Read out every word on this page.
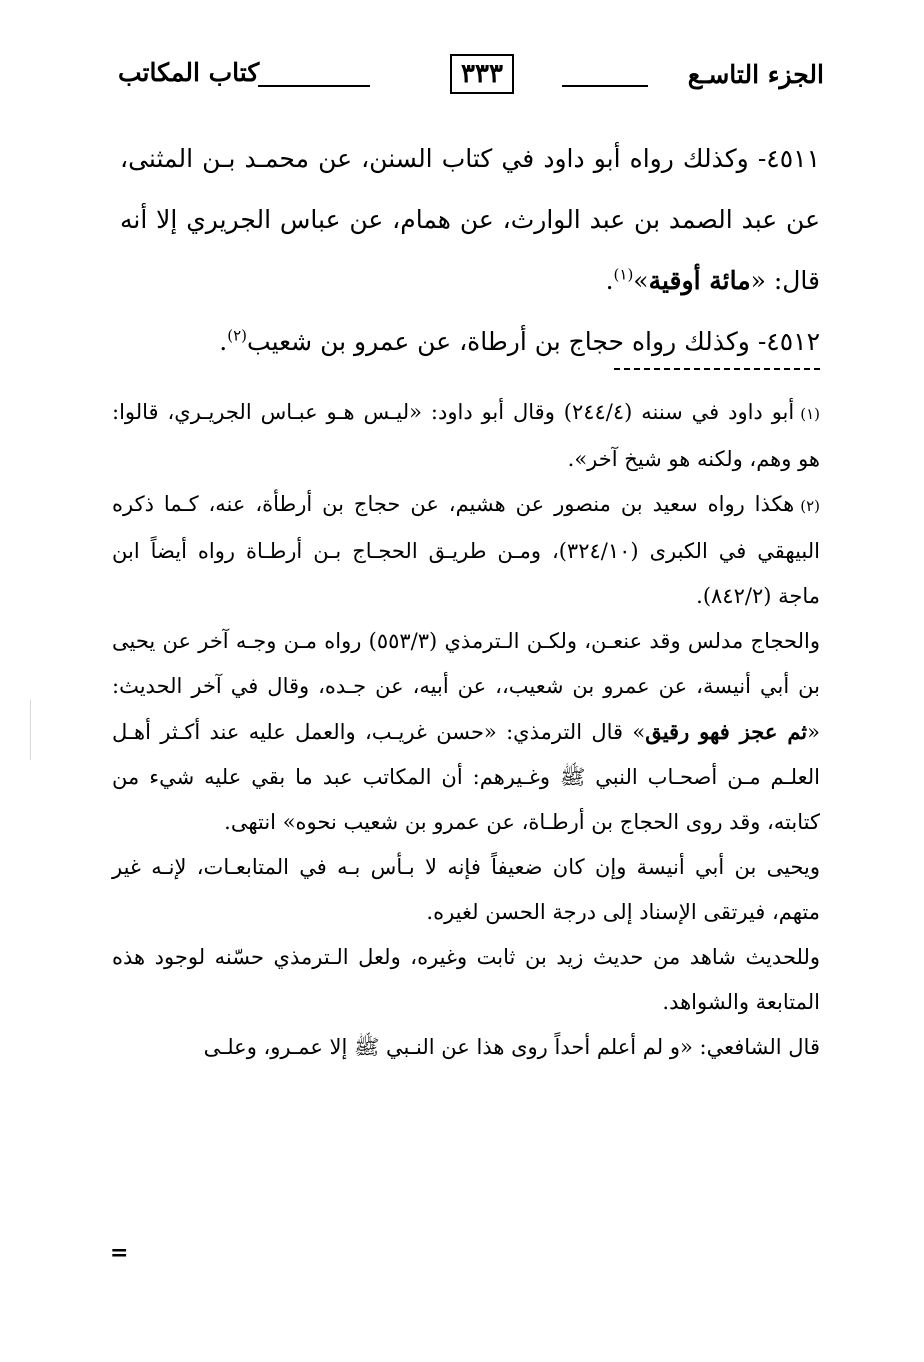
الجزء التاسـع
٣٣٣
كتاب المكاتب

٤٥١١- وكذلك رواه أبو داود في كتاب السنن، عن محمـد بـن المثنى، عن عبد الصمد بن عبد الوارث، عن همام، عن عباس الجريري إلا أنه قال: «مائة أوقية»$^{(١)}$.

٤٥١٢- وكذلك رواه حجاج بن أرطاة، عن عمرو بن شعيب$^{(٢)}$.

(١)أبو داود في سننه (٢٤٤/٤) وقال أبو داود: «ليـس هـو عبـاس الجريـري، قالوا: هو وهم، ولكنه هو شيخ آخر».

(٢)هكذا رواه سعيد بن منصور عن هشيم، عن حجاج بن أرطأة، عنه، كـما ذكره البيهقي في الكبرى (٣٢٤/١٠)، ومـن طريـق الحجـاج بـن أرطـاة رواه أيضاً ابن ماجة (٨٤٢/٢).

والحجاج مدلس وقد عنعـن، ولكـن الـترمذي (٥٥٣/٣) رواه مـن وجـه آخر عن يحيى بن أبي أنيسة، عن عمرو بن شعيب،، عن أبيه، عن جـده، وقال في آخر الحديث: «ثم عجز فهو رقيق» قال الترمذي: «حسن غريـب، والعمل عليه عند أكـثر أهـل العلـم مـن أصحـاب النبي ﷺ وغـيرهم: أن المكاتب عبد ما بقي عليه شيء من كتابته، وقد روى الحجاج بن أرطـاة، عن عمرو بن شعيب نحوه» انتهى.

ويحيى بن أبي أنيسة وإن كان ضعيفاً فإنه لا بـأس بـه في المتابعـات، لإنـه غير متهم، فيرتقى الإسناد إلى درجة الحسن لغيره.

وللحديث شاهد من حديث زيد بن ثابت وغيره، ولعل الـترمذي حسّنه لوجود هذه المتابعة والشواهد.

قال الشافعي: «و لم أعلم أحداً روى هذا عن النـبي ﷺ إلا عمـرو، وعلـى

=
